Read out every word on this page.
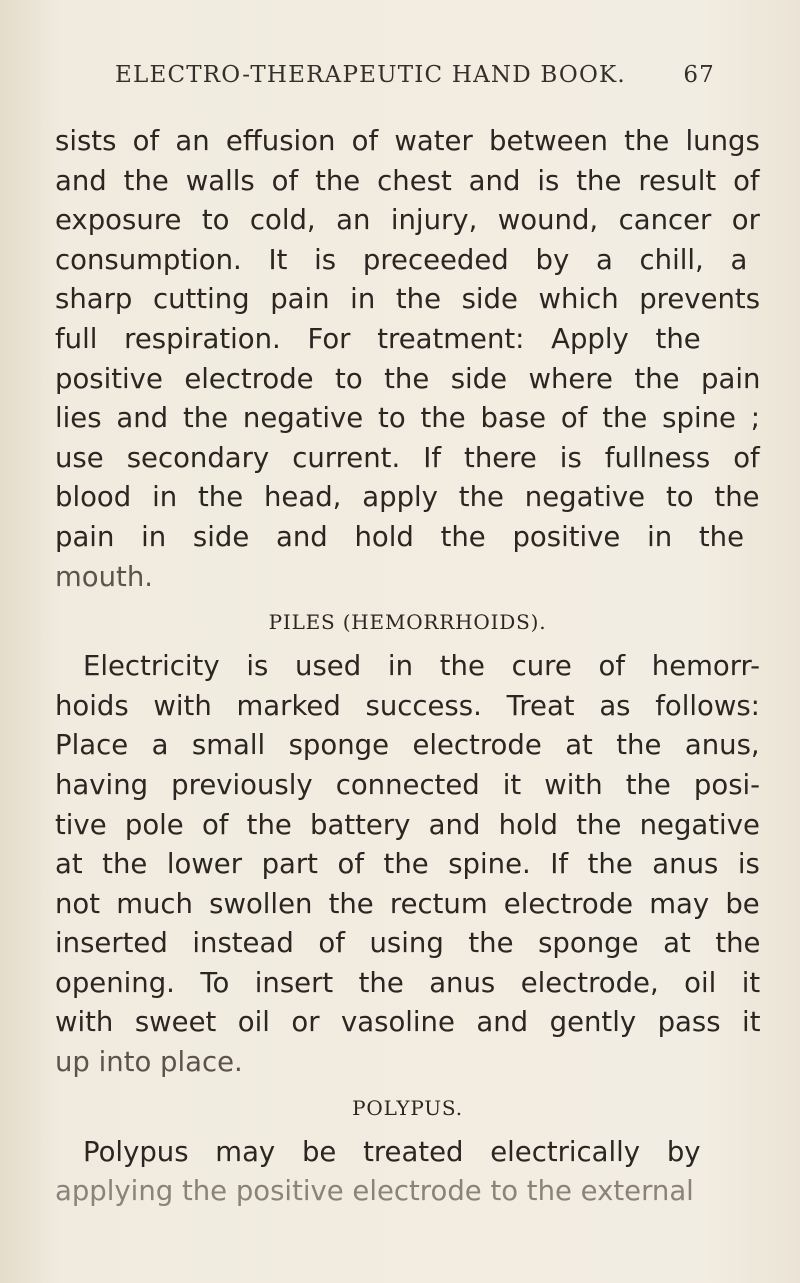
ELECTRO-THERAPEUTIC HAND BOOK. 67

sists of an effusion of water between the lungs
and the walls of the chest and is the result of
exposure to cold, an injury, wound, cancer or
consumption. It is preceeded by a chill, a
sharp cutting pain in the side which prevents
full respiration. For treatment: Apply the
positive electrode to the side where the pain
lies and the negative to the base of the spine ;
use secondary current. If there is fullness of
blood in the head, apply the negative to the
pain in side and hold the positive in the
mouth.

PILES (HEMORRHOIDS).

Electricity is used in the cure of hemorr-
hoids with marked success. Treat as follows:
Place a small sponge electrode at the anus,
having previously connected it with the posi-
tive pole of the battery and hold the negative
at the lower part of the spine. If the anus is
not much swollen the rectum electrode may be
inserted instead of using the sponge at the
opening. To insert the anus electrode, oil it
with sweet oil or vasoline and gently pass it
up into place.

POLYPUS.

Polypus may be treated electrically by
applying the positive electrode to the external
